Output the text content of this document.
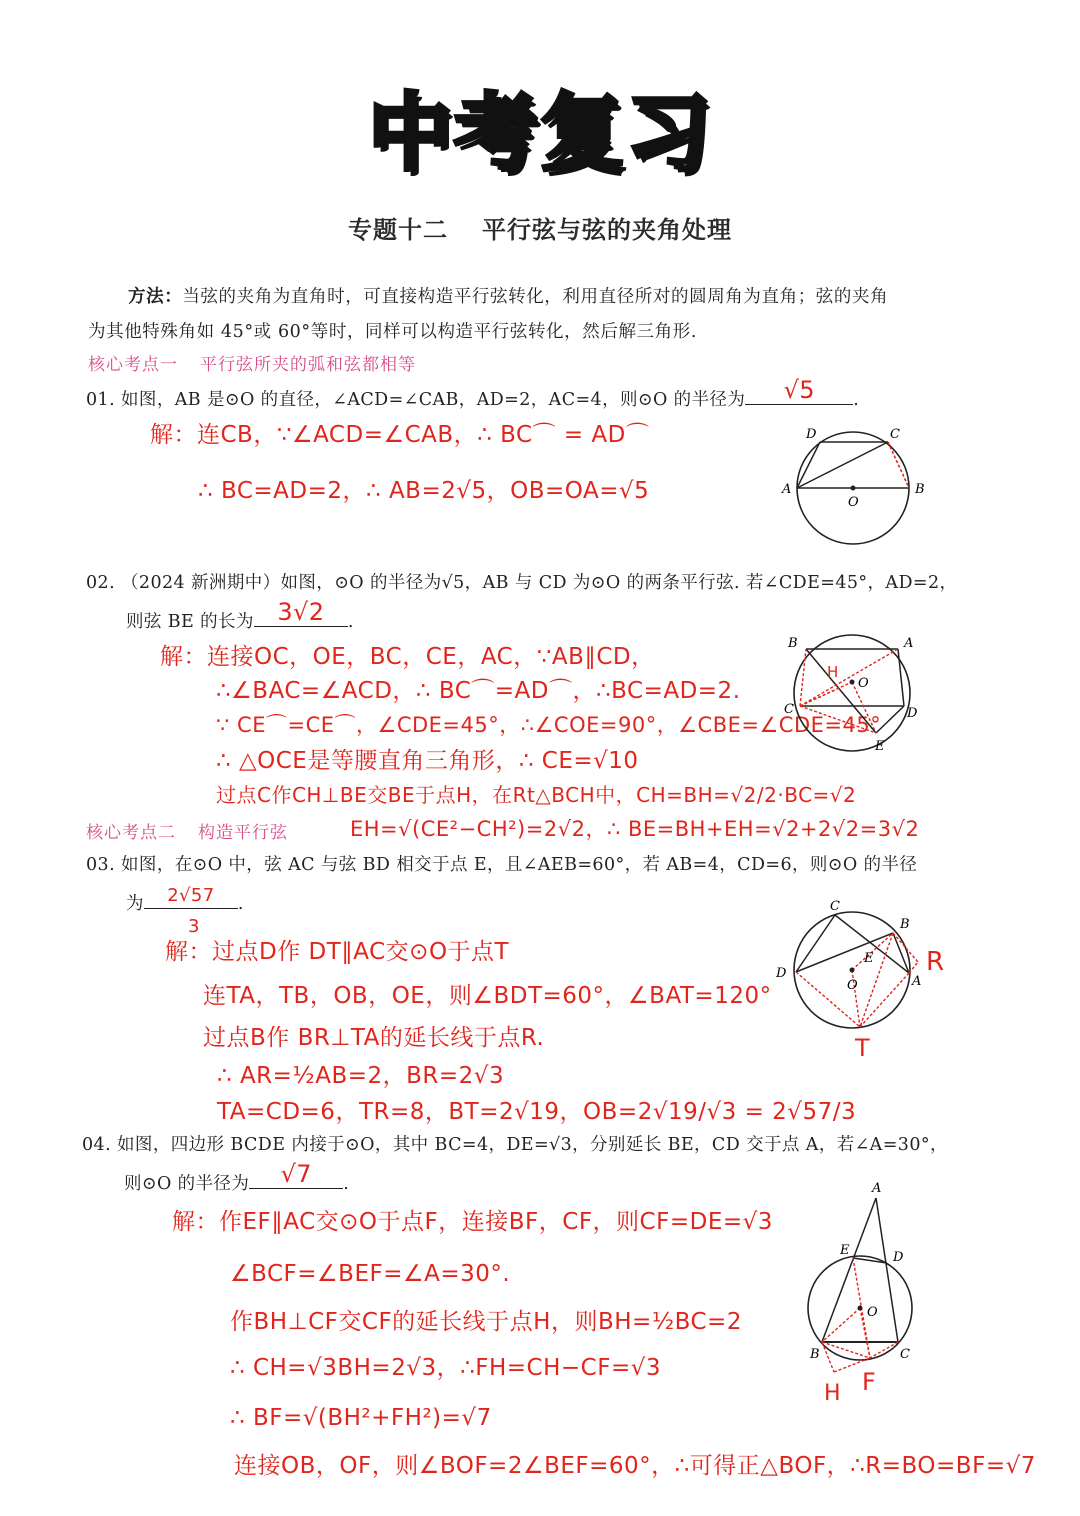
中考复习
专题十二 平行弦与弦的夹角处理
方法：当弦的夹角为直角时，可直接构造平行弦转化，利用直径所对的圆周角为直角；弦的夹角
为其他特殊角如 45°或 60°等时，同样可以构造平行弦转化，然后解三角形.
核心考点一 平行弦所夹的弧和弦都相等
01. 如图，AB 是⊙O 的直径，∠ACD=∠CAB，AD=2，AC=4，则⊙O 的半径为	√5	.
解：连CB，∵∠ACD=∠CAB，∴ BC⌒ = AD⌒
∴ BC=AD=2，∴ AB=2√5，OB=OA=√5
D	C
A
O
B
02. （2024 新洲期中）如图，⊙O 的半径为√5，AB 与 CD 为⊙O 的两条平行弦. 若∠CDE=45°，AD=2，
则弦 BE 的长为 3√2	.
解：连接OC，OE，BC，CE，AC，∵AB∥CD，
∴∠BAC=∠ACD，∴ BC⌒=AD⌒，∴BC=AD=2.
∵ CE⌒=CE⌒，∠CDE=45°，∴∠COE=90°，∠CBE=∠CDE=45°
∴ △OCE是等腰直角三角形，∴ CE=√10
过点C作CH⊥BE交BE于点H，在Rt△BCH中，CH=BH=√2/2·BC=√2
EH=√(CE²−CH²)=2√2，∴ BE=BH+EH=√2+2√2=3√2
B	A
H
O
C	D
E
核心考点二 构造平行弦
03. 如图，在⊙O 中，弦 AC 与弦 BD 相交于点 E，且∠AEB=60°，若 AB=4，CD=6，则⊙O 的半径
为	2√57	.
3
解：过点D作 DT∥AC交⊙O于点T
连TA，TB，OB，OE，则∠BDT=60°，∠BAT=120°
过点B作 BR⊥TA的延长线于点R.
∴ AR=½AB=2，BR=2√3
TA=CD=6，TR=8，BT=2√19，OB=2√19/√3 = 2√57/3
C
B
R
D
E
O	A
T
04. 如图，四边形 BCDE 内接于⊙O，其中 BC=4，DE=√3，分别延长 BE，CD 交于点 A，若∠A=30°，
则⊙O 的半径为	√7	.
解：作EF∥AC交⊙O于点F，连接BF，CF，则CF=DE=√3
∠BCF=∠BEF=∠A=30°.
作BH⊥CF交CF的延长线于点H，则BH=½BC=2
∴ CH=√3BH=2√3，∴FH=CH−CF=√3
∴ BF=√(BH²+FH²)=√7
连接OB，OF，则∠BOF=2∠BEF=60°，∴可得正△BOF，∴R=BO=BF=√7
A
E	D
O
B	C
H F
